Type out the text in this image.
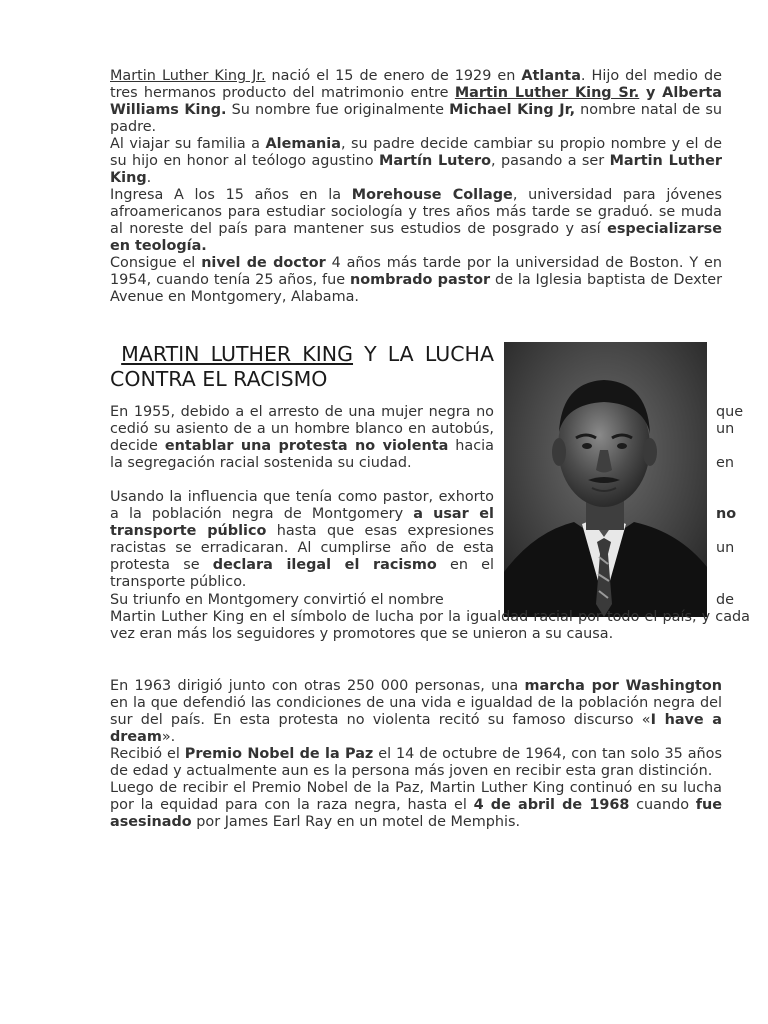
Martin Luther King Jr. nació el 15 de enero de 1929 en Atlanta. Hijo del medio de tres hermanos producto del matrimonio entre Martin Luther King Sr. y Alberta Williams King. Su nombre fue originalmente Michael King Jr, nombre natal de su padre.

Al viajar su familia a Alemania, su padre decide cambiar su propio nombre y el de su hijo en honor al teólogo agustino Martín Lutero, pasando a ser Martin Luther King.

Ingresa A los 15 años en la Morehouse Collage, universidad para jóvenes afroamericanos para estudiar sociología y tres años más tarde se graduó. se muda al noreste del país para mantener sus estudios de posgrado y así especializarse en teología.

Consigue el nivel de doctor 4 años más tarde por la universidad de Boston. Y en 1954, cuando tenía 25 años, fue nombrado pastor de la Iglesia baptista de Dexter Avenue en Montgomery, Alabama.

MARTIN LUTHER KING Y LA LUCHA CONTRA EL RACISMO

En 1955, debido a el arresto de una mujer negra no cedió su asiento de a un hombre blanco en autobús, decide entablar una protesta no violenta hacia la segregación racial sostenida su ciudad.

que

un

en

Usando la influencia que tenía como pastor, exhorto a la población negra de Montgomery a usar el transporte público hasta que esas expresiones racistas se erradicaran. Al cumplirse año de esta protesta se declara ilegal el racismo en el transporte público.

no

un

Su triunfo en Montgomery convirtió el nombre	de

Martin Luther King en el símbolo de lucha por la igualdad racial por todo el país, y cada vez eran más los seguidores y promotores que se unieron a su causa.

En 1963 dirigió junto con otras 250 000 personas, una marcha por Washington en la que defendió las condiciones de una vida e igualdad de la población negra del sur del país. En esta protesta no violenta recitó su famoso discurso «I have a dream».

Recibió el Premio Nobel de la Paz el 14 de octubre de 1964, con tan solo 35 años de edad y actualmente aun es la persona más joven en recibir esta gran distinción.

Luego de recibir el Premio Nobel de la Paz, Martin Luther King continuó en su lucha por la equidad para con la raza negra, hasta el 4 de abril de 1968 cuando fue asesinado por James Earl Ray en un motel de Memphis.
